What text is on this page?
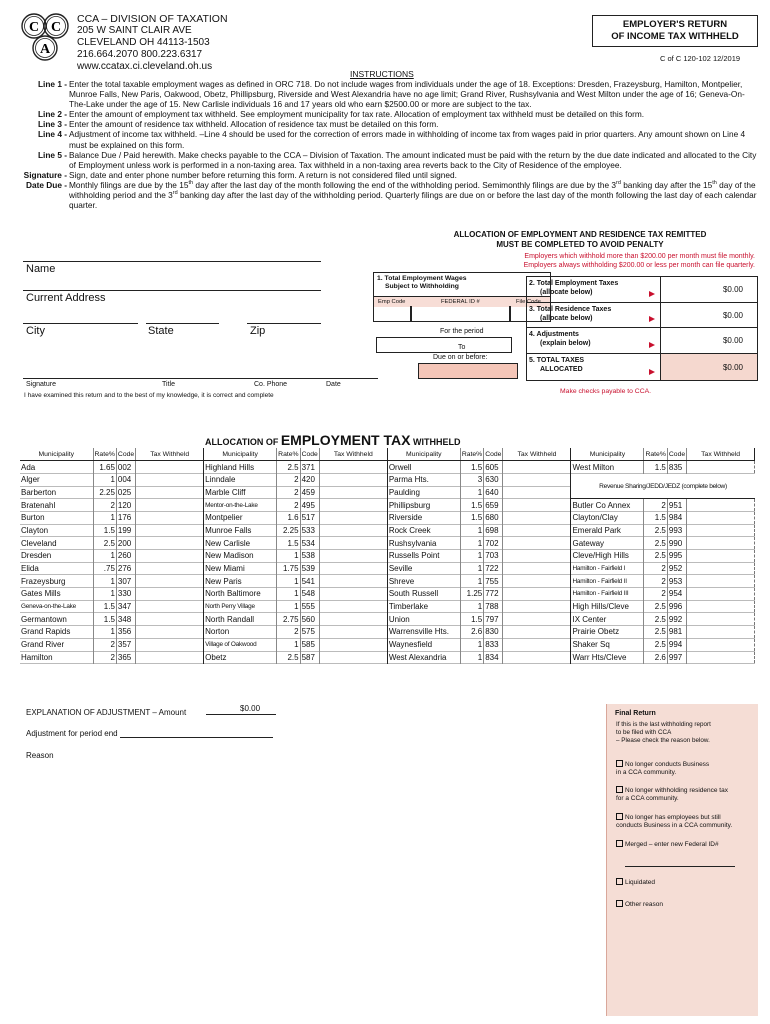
C C
A
CCA – DIVISION OF TAXATION
205 W SAINT CLAIR AVE
CLEVELAND OH 44113-1503
216.664.2070 800.223.6317
www.ccatax.ci.cleveland.oh.us
EMPLOYER'S RETURN
OF INCOME TAX WITHHELD
C of C 120-102 12/2019
INSTRUCTIONS
Line 1 - Enter the total taxable employment wages as defined in ORC 718. Do not include wages from individuals under the age of 18. Exceptions: Dresden, Frazeysburg, Hamilton, Montpelier, Munroe Falls, New Paris, Oakwood, Obetz, Phillipsburg, Riverside and West Alexandria have no age limit; Grand River, Rushsylvania and West Milton under the age of 16; Geneva-On-The-Lake under the age of 15. New Carlisle individuals 16 and 17 years old who earn $2500.00 or more are subject to the tax.
Line 2 - Enter the amount of employment tax withheld. See employment municipality for tax rate. Allocation of employment tax withheld must be detailed on this form.
Line 3 - Enter the amount of residence tax withheld. Allocation of residence tax must be detailed on this form.
Line 4 - Adjustment of income tax withheld. –Line 4 should be used for the correction of errors made in withholding of income tax from wages paid in prior quarters. Any amount shown on Line 4 must be explained on this form.
Line 5 - Balance Due / Paid herewith. Make checks payable to the CCA – Division of Taxation. The amount indicated must be paid with the return by the due date indicated and allocated to the City of Employment unless work is performed in a non-taxing area. Tax withheld in a non-taxing area reverts back to the City of Residence of the employee.
Signature - Sign, date and enter phone number before returning this form. A return is not considered filed until signed.
Date Due - Monthly filings are due by the 15th day after the last day of the month following the end of the withholding period. Semimonthly filings are due by the 3rd banking day after the 15th day of the withholding period and the 3rd banking day after the last day of the withholding period. Quarterly filings are due on or before the last day of the month following the last day of each calendar quarter.
ALLOCATION OF EMPLOYMENT AND RESIDENCE TAX REMITTED
MUST BE COMPLETED TO AVOID PENALTY
Employers which withhold more than $200.00 per month must file monthly.
Employers always withholding $200.00 or less per month can file quarterly.
Name
Current Address
City	State	Zip
1. Total Employment Wages
Subject to Withholding
Emp Code	FEDERAL ID #	File Code
For the period
To
Due on or before:
2. Total Employment Taxes
(allocate below)	$0.00
3. Total Residence Taxes
(allocate below)	$0.00
4. Adjustments
(explain below)	$0.00
5. TOTAL TAXES
ALLOCATED	$0.00
Make checks payable to CCA.
Signature	Title	Co. Phone	Date
I have examined this return and to the best of my knowledge, it is correct and complete
ALLOCATION OF EMPLOYMENT TAX WITHHELD
Municipality	Rate%	Code	Tax Withheld	Municipality	Rate%	Code	Tax Withheld	Municipality	Rate%	Code	Tax Withheld	Municipality	Rate%	Code	Tax Withheld
Ada	1.65	002		Highland Hills	2.5	371		Orwell	1.5	605		West Milton	1.5	835	
Alger	1	004		Linndale	2	420		Parma Hts.	3	630		Revenue Sharing/JEDD/JEDZ (complete below)			
Barberton	2.25	025		Marble Cliff	2	459		Paulding	1	640					
Bratenahl	2	120		Mentor-on-the-Lake	2	495		Phillipsburg	1.5	659		Butler Co Annex	2	951	
Burton	1	176		Montpelier	1.6	517		Riverside	1.5	680		Clayton/Clay	1.5	984	
Clayton	1.5	199		Munroe Falls	2.25	533		Rock Creek	1	698		Emerald Park	2.5	993	
Cleveland	2.5	200		New Carlisle	1.5	534		Rushsylvania	1	702		Gateway	2.5	990	
Dresden	1	260		New Madison	1	538		Russells Point	1	703		Cleve/High Hills	2.5	995	
Elida	.75	276		New Miami	1.75	539		Seville	1	722		Hamilton - Fairfield I	2	952	
Frazeysburg	1	307		New Paris	1	541		Shreve	1	755		Hamilton - Fairfield II	2	953	
Gates Mills	1	330		North Baltimore	1	548		South Russell	1.25	772		Hamilton - Fairfield III	2	954	
Geneva-on-the-Lake	1.5	347		North Perry Village	1	555		Timberlake	1	788		High Hills/Cleve	2.5	996	
Germantown	1.5	348		North Randall	2.75	560		Union	1.5	797		IX Center	2.5	992	
Grand Rapids	1	356		Norton	2	575		Warrensville Hts.	2.6	830		Prairie Obetz	2.5	981	
Grand River	2	357		Village of Oakwood	1	585		Waynesfield	1	833		Shaker Sq	2.5	994	
Hamilton	2	365		Obetz	2.5	587		West Alexandria	1	834		Warr Hts/Cleve	2.6	997	
EXPLANATION OF ADJUSTMENT – Amount	$0.00
Adjustment for period end
Reason
Final Return
If this is the last withholding report
to be filed with CCA
– Please check the reason below.
No longer conducts Business
in a CCA community.
No longer withholding residence tax
for a CCA community.
No longer has employees but still
conducts Business in a CCA community.
Merged – enter new Federal ID#
Liquidated
Other reason
